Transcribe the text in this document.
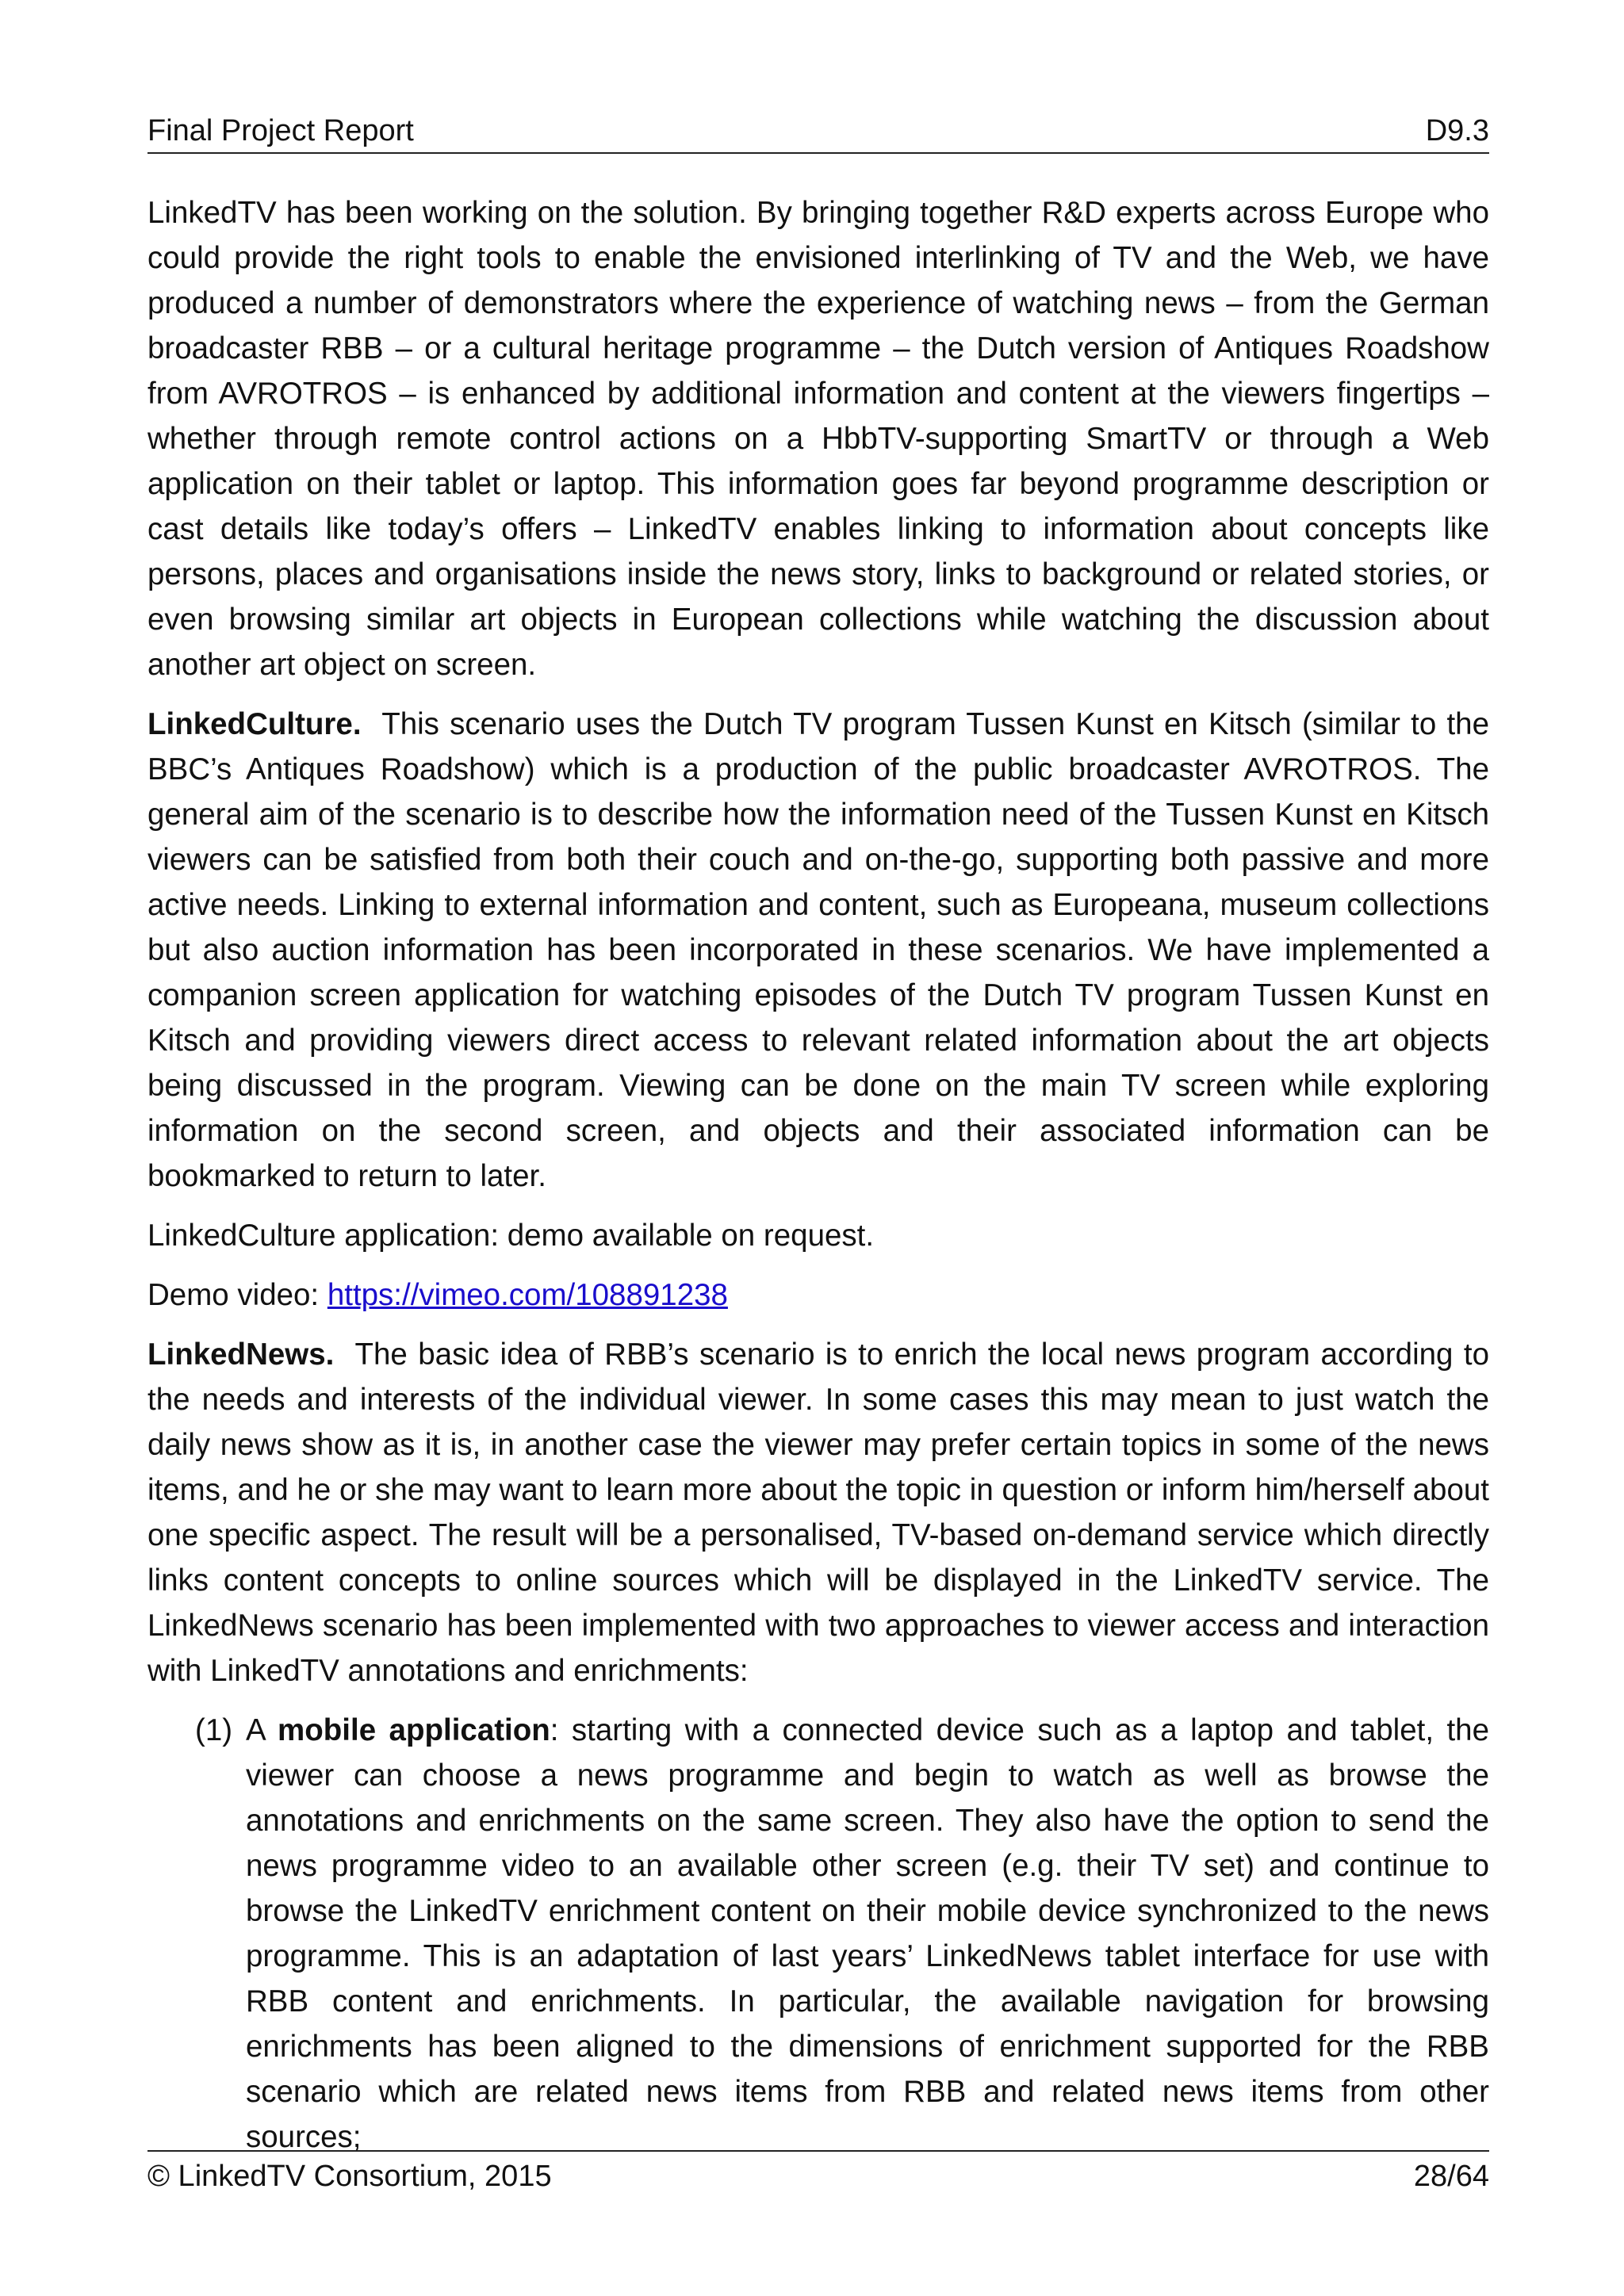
Final Project Report	D9.3

LinkedTV has been working on the solution. By bringing together R&D experts across Europe who could provide the right tools to enable the envisioned interlinking of TV and the Web, we have produced a number of demonstrators where the experience of watching news – from the German broadcaster RBB – or a cultural heritage programme – the Dutch version of Antiques Roadshow from AVROTROS – is enhanced by additional information and content at the viewers fingertips – whether through remote control actions on a HbbTV-supporting SmartTV or through a Web application on their tablet or laptop. This information goes far beyond programme description or cast details like today’s offers – LinkedTV enables linking to information about concepts like persons, places and organisations inside the news story, links to background or related stories, or even browsing similar art objects in European collections while watching the discussion about another art object on screen.

LinkedCulture. This scenario uses the Dutch TV program Tussen Kunst en Kitsch (similar to the BBC’s Antiques Roadshow) which is a production of the public broadcaster AVROTROS. The general aim of the scenario is to describe how the information need of the Tussen Kunst en Kitsch viewers can be satisfied from both their couch and on-the-go, supporting both passive and more active needs. Linking to external information and content, such as Europeana, museum collections but also auction information has been incorporated in these scenarios. We have implemented a companion screen application for watching episodes of the Dutch TV program Tussen Kunst en Kitsch and providing viewers direct access to relevant related information about the art objects being discussed in the program. Viewing can be done on the main TV screen while exploring information on the second screen, and objects and their associated information can be bookmarked to return to later.

LinkedCulture application: demo available on request.

Demo video: https://vimeo.com/108891238

LinkedNews. The basic idea of RBB’s scenario is to enrich the local news program according to the needs and interests of the individual viewer. In some cases this may mean to just watch the daily news show as it is, in another case the viewer may prefer certain topics in some of the news items, and he or she may want to learn more about the topic in question or inform him/herself about one specific aspect. The result will be a personalised, TV-based on-demand service which directly links content concepts to online sources which will be displayed in the LinkedTV service. The LinkedNews scenario has been implemented with two approaches to viewer access and interaction with LinkedTV annotations and enrichments:

(1) A mobile application: starting with a connected device such as a laptop and tablet, the viewer can choose a news programme and begin to watch as well as browse the annotations and enrichments on the same screen. They also have the option to send the news programme video to an available other screen (e.g. their TV set) and continue to browse the LinkedTV enrichment content on their mobile device synchronized to the news programme. This is an adaptation of last years’ LinkedNews tablet interface for use with RBB content and enrichments. In particular, the available navigation for browsing enrichments has been aligned to the dimensions of enrichment supported for the RBB scenario which are related news items from RBB and related news items from other sources;
© LinkedTV Consortium, 2015	28/64
